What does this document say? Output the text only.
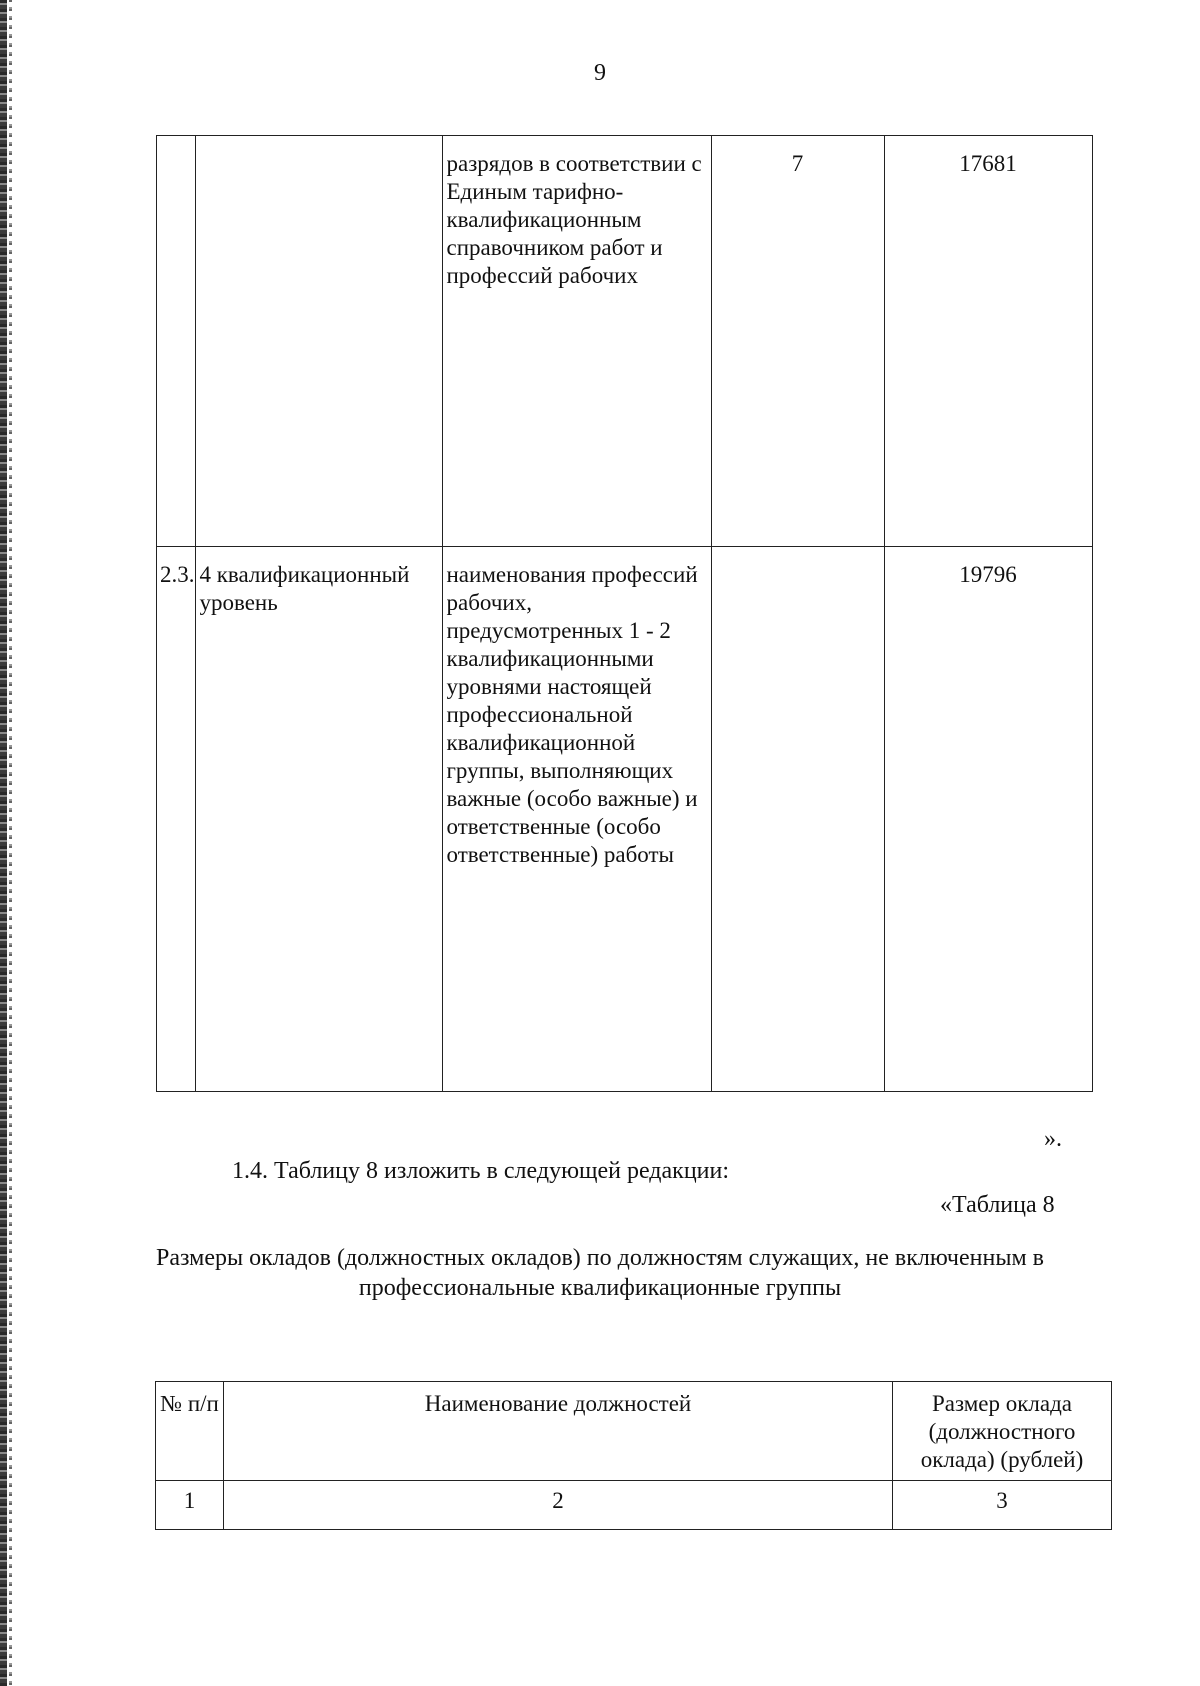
9
		разрядов в соответствии с Единым тарифно-квалификационным справочником работ и профессий рабочих	7	17681
2.3.	4 квалификационный уровень	наименования профессий рабочих, предусмотренных 1 - 2 квалификационными уровнями настоящей профессиональной квалификационной группы, выполняющих важные (особо важные) и ответственные (особо ответственные) работы		19796
».
1.4. Таблицу 8 изложить в следующей редакции:
«Таблица 8
Размеры окладов (должностных окладов) по должностям служащих, не включенным в профессиональные квалификационные группы
№ п/п	Наименование должностей	Размер оклада (должностного оклада) (рублей)
1	2	3
